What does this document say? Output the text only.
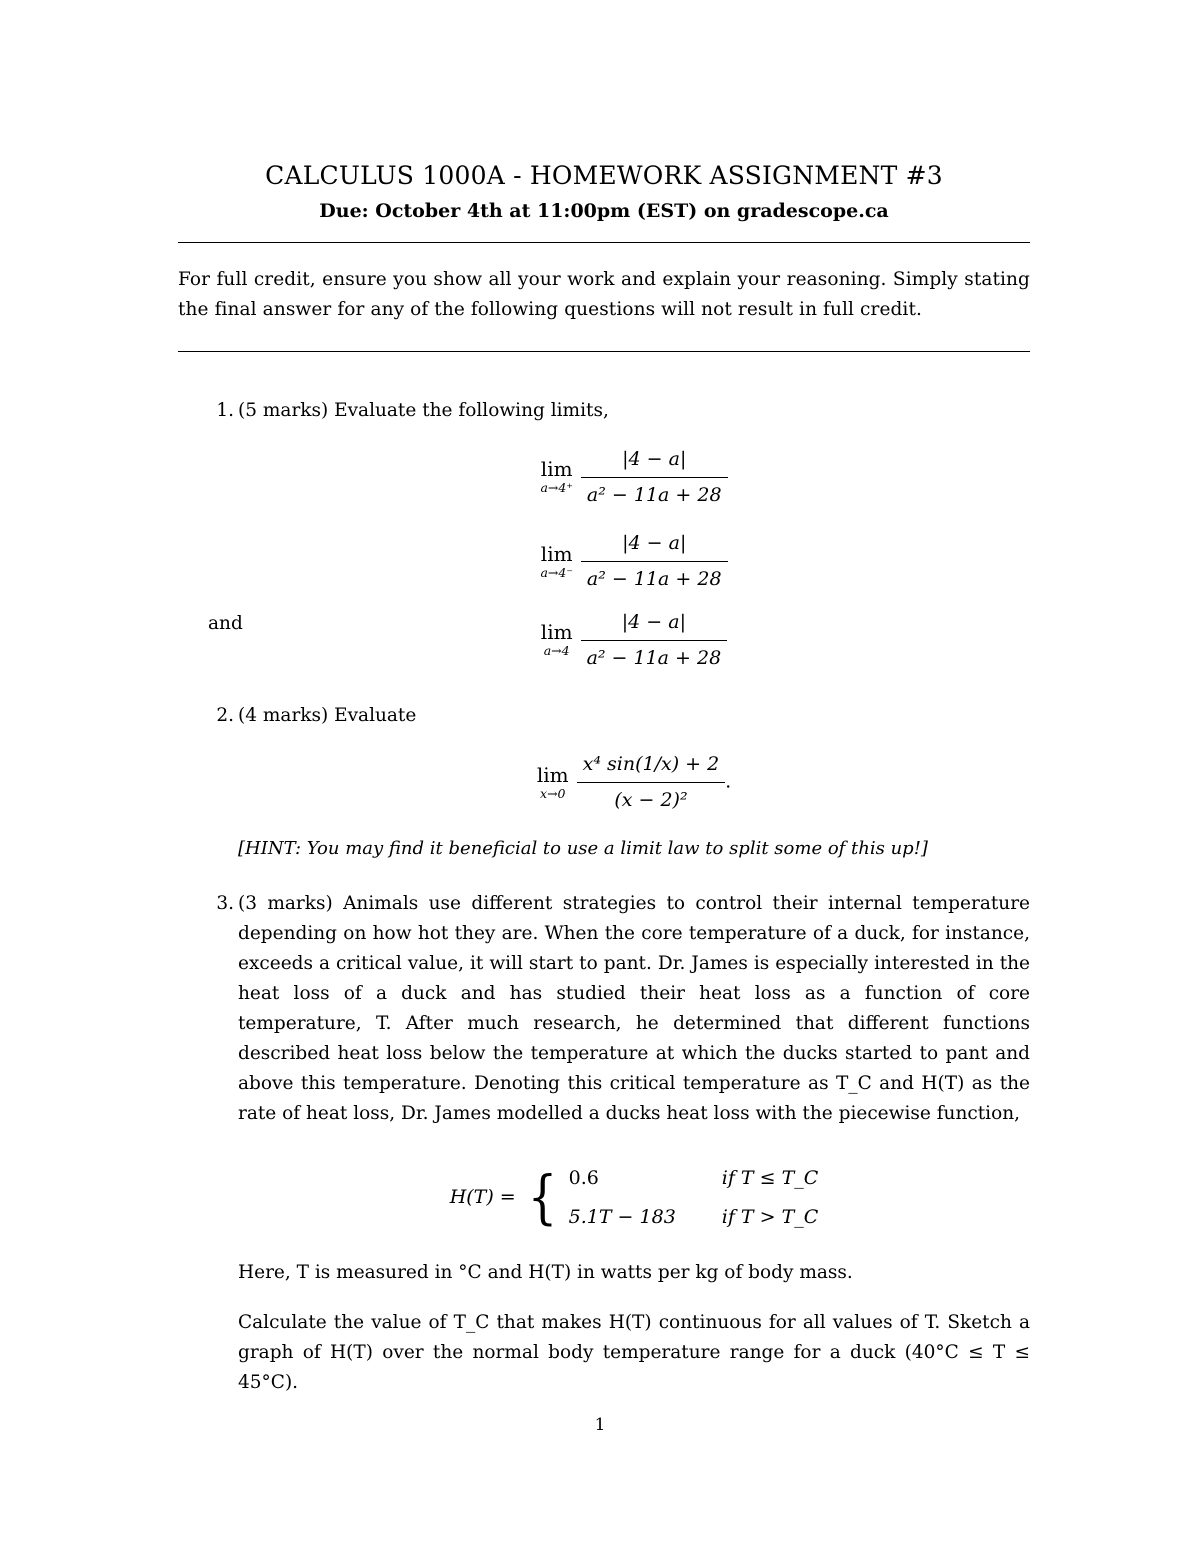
CALCULUS 1000A - HOMEWORK ASSIGNMENT #3
Due: October 4th at 11:00pm (EST) on gradescope.ca
For full credit, ensure you show all your work and explain your reasoning. Simply stating the final answer for any of the following questions will not result in full credit.
1. (5 marks) Evaluate the following limits,
lim
$a\to 4^+ \frac{|4 - a|}{\text{a² − 11a + 28}}$
lim
$a\to 4^- \frac{|4 - a|}{\text{a² − 11a + 28}}$
and	lim
$a\to 4 \frac{|4 - a|}{\text{a² − 11a + 28}}$
2. (4 marks) Evaluate
lim
$x\to 0 \frac{\text{x⁴ sin(1/x) + 2}}{\text{(x − 2)²}}$ .
[HINT: You may find it beneficial to use a limit law to split some of this up!]
3. (3 marks) Animals use different strategies to control their internal temperature depending on how hot they are. When the core temperature of a duck, for instance, exceeds a critical value, it will start to pant. Dr. James is especially interested in the heat loss of a duck and has studied their heat loss as a function of core temperature, T. After much research, he determined that different functions described heat loss below the temperature at which the ducks started to pant and above this temperature. Denoting this critical temperature as T_C and H(T) as the rate of heat loss, Dr. James modelled a ducks heat loss with the piecewise function,
H(T) = { 0.6	if T ≤ T_C
5.1T − 183	if T > T_C
Here, T is measured in °C and H(T) in watts per kg of body mass.
Calculate the value of T_C that makes H(T) continuous for all values of T. Sketch a graph of H(T) over the normal body temperature range for a duck (40°C ≤ T ≤ 45°C).
1
